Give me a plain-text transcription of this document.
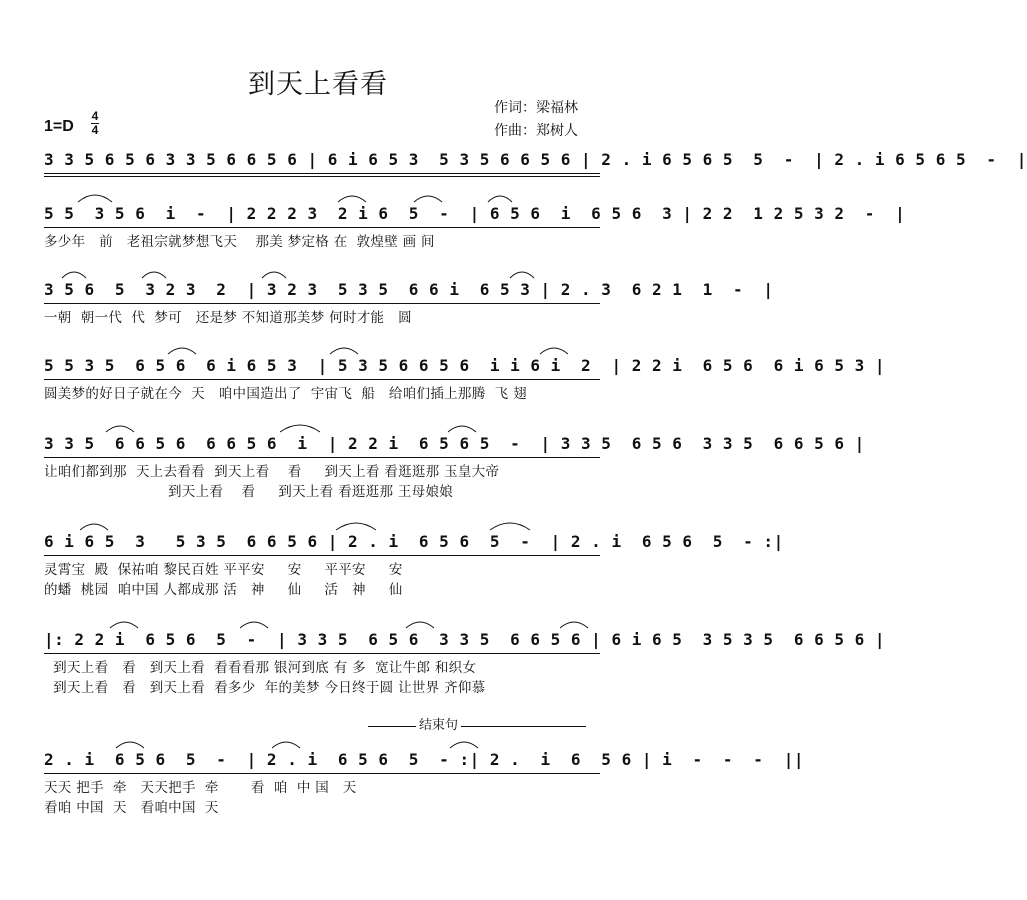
到天上看看
作词：梁福林
作曲：郑树人
1=D
4
4
3 3 5 6 5 6 3 3 5 6 6 5 6 | 6 i 6 5 3  5 3 5 6 6 5 6 | 2 . i 6 5 6 5  5  -  | 2 . i 6 5 6 5  -  |
5 5  3 5 6  i  -  | 2 2 2 3  2 i 6  5  -  | 6 5 6  i  6 5 6  3 | 2 2  1 2 5 3 2  -  |
多少年   前   老祖宗就梦想飞天    那美 梦定格 在  敦煌壁 画 间
3 5 6  5  3 2 3  2  | 3 2 3  5 3 5  6 6 i  6 5 3 | 2 . 3  6 2 1  1  -  |
一朝  朝一代  代  梦可   还是梦 不知道那美梦 何时才能   圆
5 5 3 5  6 5 6  6 i 6 5 3  | 5 3 5 6 6 5 6  i i 6 i  2  | 2 2 i  6 5 6  6 i 6 5 3 |
圆美梦的好日子就在今  天   咱中国造出了  宇宙飞  船   给咱们插上那腾  飞 翅
3 3 5  6 6 5 6  6 6 5 6  i  | 2 2 i  6 5 6 5  -  | 3 3 5  6 5 6  3 3 5  6 6 5 6 |
让咱们都到那  天上去看看  到天上看    看     到天上看 看逛逛那 玉皇大帝
到天上看    看     到天上看 看逛逛那 王母娘娘
6 i 6 5  3   5 3 5  6 6 5 6 | 2 . i  6 5 6  5  -  | 2 . i  6 5 6  5  - :|
灵霄宝  殿  保祐咱 黎民百姓 平平安     安     平平安     安
的蟠  桃园  咱中国 人都成那 活   神     仙     活   神     仙
|: 2 2 i  6 5 6  5  -  | 3 3 5  6 5 6  3 3 5  6 6 5 6 | 6 i 6 5  3 5 3 5  6 6 5 6 |
到天上看   看   到天上看  看看看那 银河到底 有 多  宽让牛郎 和织女
到天上看   看   到天上看  看多少  年的美梦 今日终于圆 让世界 齐仰慕
结束句
2 . i  6 5 6  5  -  | 2 . i  6 5 6  5  - :| 2 .  i  6  5 6 | i  -  -  -  ||
天天 把手  牵   天天把手  牵       看  咱  中 国   天
看咱 中国  天   看咱中国  天
